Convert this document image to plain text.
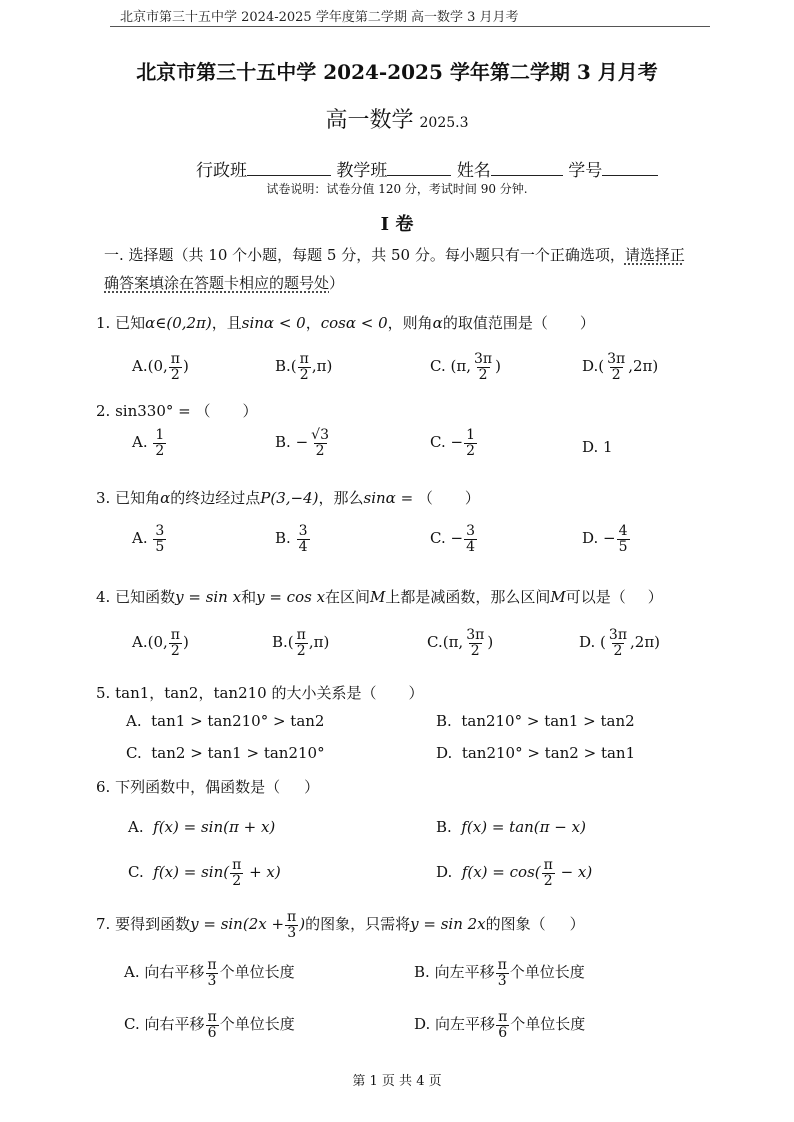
北京市第三十五中学 2024-2025 学年度第二学期 高一数学 3 月月考
北京市第三十五中学 2024-2025 学年第二学期 3 月月考
高一数学 2025.3
行政班	教学班	姓名	学号
试卷说明：试卷分值 120 分，考试时间 90 分钟.
I 卷
一. 选择题（共 10 个小题，每题 5 分，共 50 分。每小题只有一个正确选项，请选择正
确答案填涂在答题卡相应的题号处）
1. 已知α∈(0,2π)，且sinα < 0，cosα < 0，则角α的取值范围是（ ）
A.(0, $\frac{\pi}{2}$ )	$B.( \frac{\pi}{2} ,\pi)$	C. (π, $\frac{3\pi}{2}$ )	$D.( \frac{3\pi}{2} ,2\pi)$
2. sin330° = （ ）
A. $\frac{1}{2}$	B. − $\frac{√3}{2}$	C. − $\frac{1}{2}$	D. 1
3. 已知角α的终边经过点P(3,−4)，那么sinα = （ ）
A. $\frac{3}{5}$	B. $\frac{3}{4}$	C. − $\frac{3}{4}$	D. − $\frac{4}{5}$
4. 已知函数y = sin x和y = cos x在区间M上都是减函数，那么区间M可以是（ ）
A.(0, $\frac{\pi}{2}$ )	$B.( \frac{\pi}{2} ,\pi)$	C.(π, $\frac{3\pi}{2}$ )	D. ( $\frac{3\pi}{2} ,2\pi$)
5. tan1，tan2，tan210 的大小关系是（ ）
A. tan1 > tan210° > tan2	B. tan210° > tan1 > tan2
C. tan2 > tan1 > tan210°	D. tan210° > tan2 > tan1
6. 下列函数中，偶函数是（ ）
A. f(x) = sin(π + x)	B. f(x) = tan(π − x)
C. $f(x) = \sin( \frac{\pi}{2} + x)$	D. $f(x) = \cos( \frac{\pi}{2} - x)$
7. 要得到函数$y = \sin(2x + \frac{\pi}{3}$ )的图象，只需将y = sin 2x的图象（ ）
A. 向右平移 $\frac{\pi}{3}$ 个单位长度	B. 向左平移 $\frac{\pi}{3}$ 个单位长度
C. 向右平移 $\frac{\pi}{6}$ 个单位长度	D. 向左平移 $\frac{\pi}{6}$ 个单位长度
第 1 页 共 4 页
